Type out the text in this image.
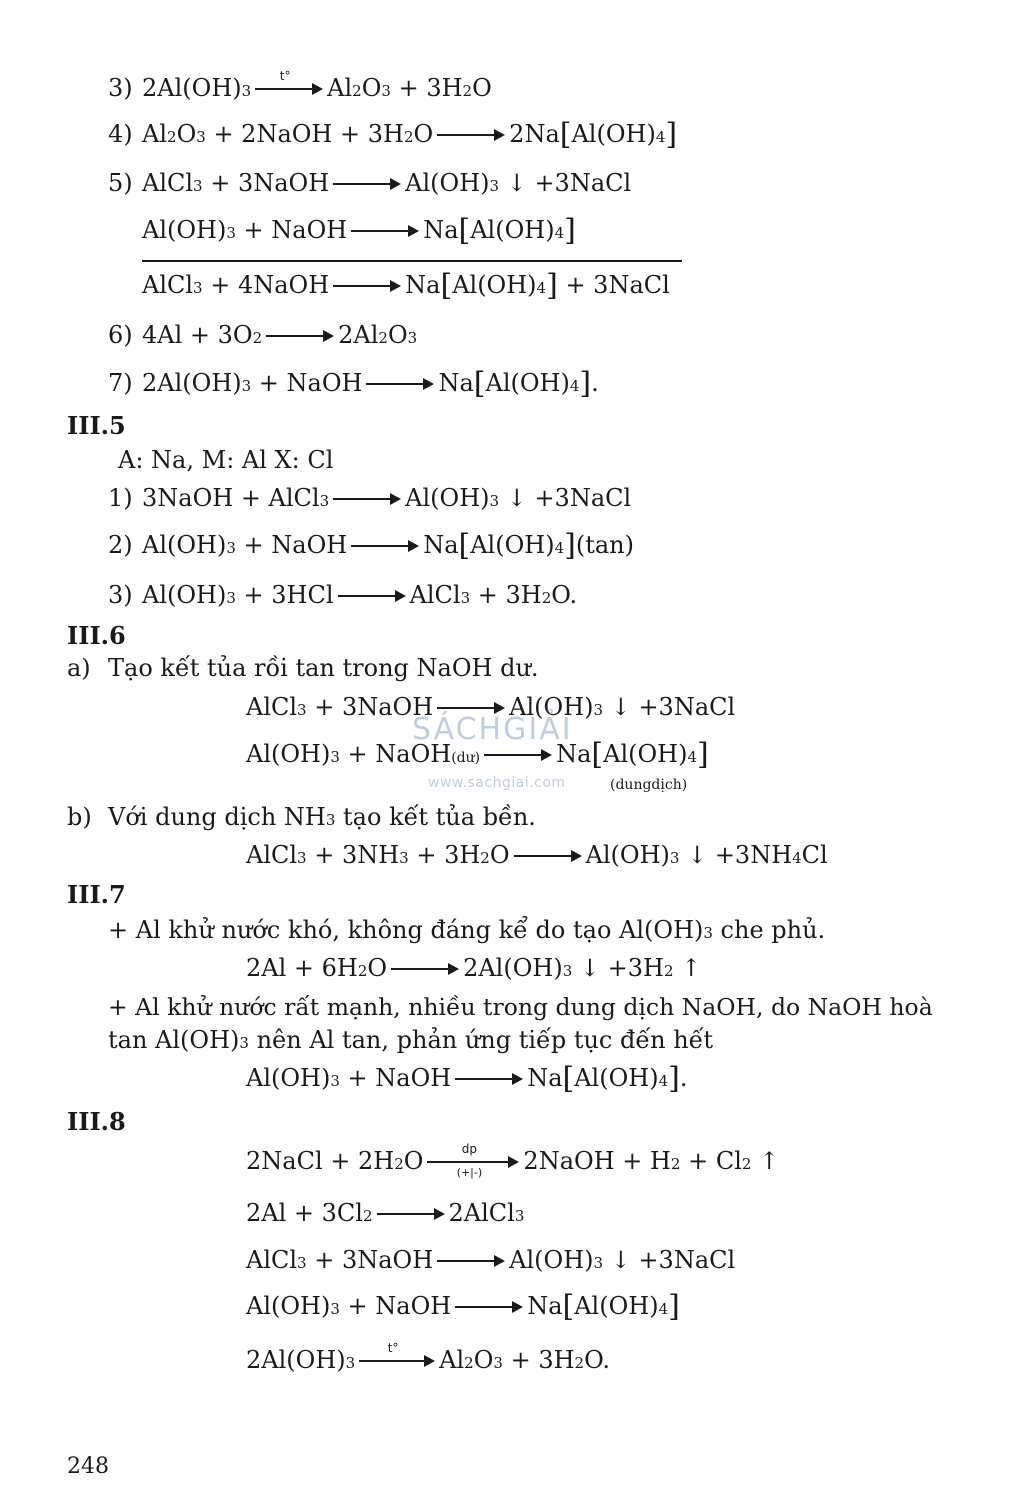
3) 2Al(OH) 3
t°	Al 2 O 3
+ 3H 2 O
4) Al 2 O 3
+ 2NaOH + 3H 2 O	2Na [ Al(OH) 4 ]
5) AlCl 3
+ 3NaOH	Al(OH) 3
↓
+3NaCl
Al(OH) 3
+ NaOH	Na [ Al(OH) 4 ]
AlCl 3
+ 4NaOH	Na [ Al(OH) 4 ]
+ 3NaCl
6) 4Al + 3O 2	2Al 2 O 3
7) 2Al(OH) 3
+ NaOH	Na [ Al(OH) 4 ] .
III.5
A: Na, M: Al X: Cl
1) 3NaOH + AlCl 3	Al(OH) 3
↓
+3NaCl
2) Al(OH) 3
+ NaOH	Na [ Al(OH) 4 ] (tan)
3) Al(OH) 3
+ 3HCl	AlCl 3
+ 3H 2 O.
III.6
a) Tạo kết tủa rồi tan trong NaOH dư.
AlCl 3
+ 3NaOH	Al(OH) 3
↓
+3NaCl
Al(OH) 3
+ NaOH (dư)	Na [ Al(OH) 4 ]
(dungdịch)
b) Với dung dịch NH 3 tạo kết tủa bền.
AlCl 3
+ 3NH 3
+ 3H 2 O	Al(OH) 3
↓
+3NH 4 Cl
III.7
+ Al khử nước khó, không đáng kể do tạo Al(OH) 3 che phủ.
2Al + 6H 2 O	2Al(OH) 3
↓
+3H 2

↑
+ Al khử nước rất mạnh, nhiều trong dung dịch NaOH, do NaOH hoà
tan Al(OH) 3 nên Al tan, phản ứng tiếp tục đến hết
Al(OH) 3
+ NaOH	Na [ Al(OH) 4 ] .
III.8
2NaCl + 2H 2 O	dp
(+|-)	2NaOH + H 2
+ Cl 2

↑
2Al + 3Cl 2	2AlCl 3
AlCl 3
+ 3NaOH	Al(OH) 3
↓
+3NaCl
Al(OH) 3
+ NaOH	Na [ Al(OH) 4 ]
2Al(OH) 3
t°	Al 2 O 3
+ 3H 2 O.
SÁCHGIẢI
www.sachgiai.com
248
